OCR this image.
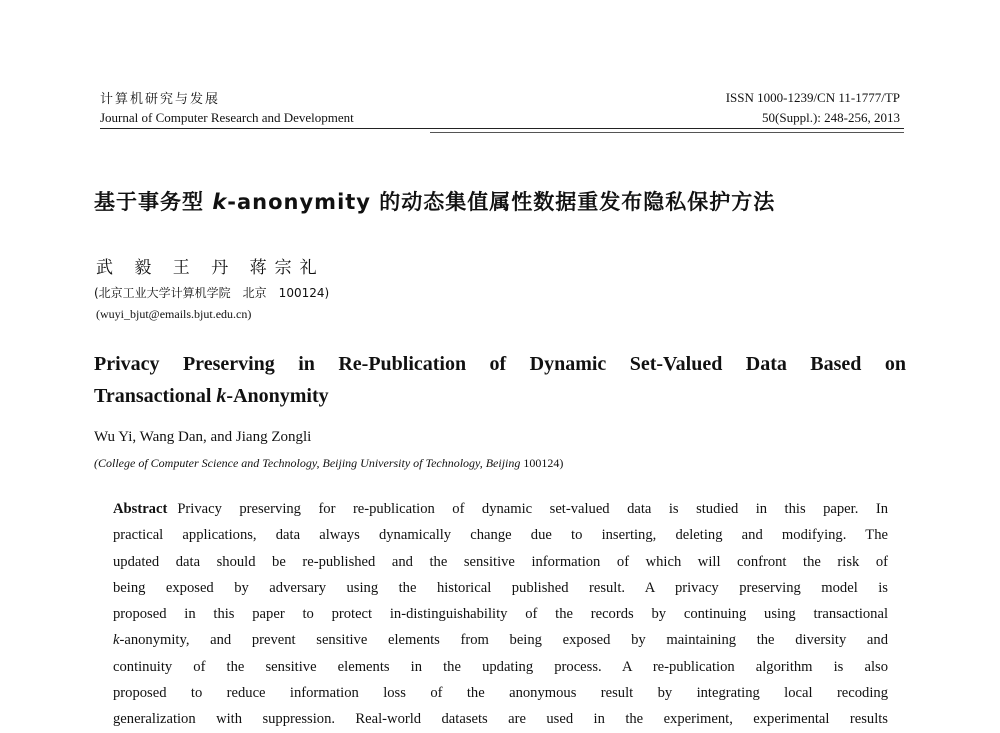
计算机研究与发展
Journal of Computer Research and Development
ISSN 1000-1239/CN 11-1777/TP
50(Suppl.): 248-256, 2013
基于事务型 k-anonymity 的动态集值属性数据重发布隐私保护方法
武 毅 王 丹 蒋宗礼
(北京工业大学计算机学院　北京　100124)
(wuyi_bjut@emails.bjut.edu.cn)
Privacy Preserving in Re-Publication of Dynamic Set-Valued Data Based on
Transactional k-Anonymity
Wu Yi, Wang Dan, and Jiang Zongli
(College of Computer Science and Technology, Beijing University of Technology, Beijing 100124)
Abstract Privacy preserving for re-publication of dynamic set-valued data is studied in this paper. In
practical applications, data always dynamically change due to inserting, deleting and modifying. The
updated data should be re-published and the sensitive information of which will confront the risk of
being exposed by adversary using the historical published result. A privacy preserving model is
proposed in this paper to protect in-distinguishability of the records by continuing using transactional
k-anonymity, and prevent sensitive elements from being exposed by maintaining the diversity and
continuity of the sensitive elements in the updating process. A re-publication algorithm is also
proposed to reduce information loss of the anonymous result by integrating local recoding
generalization with suppression. Real-world datasets are used in the experiment, experimental results
